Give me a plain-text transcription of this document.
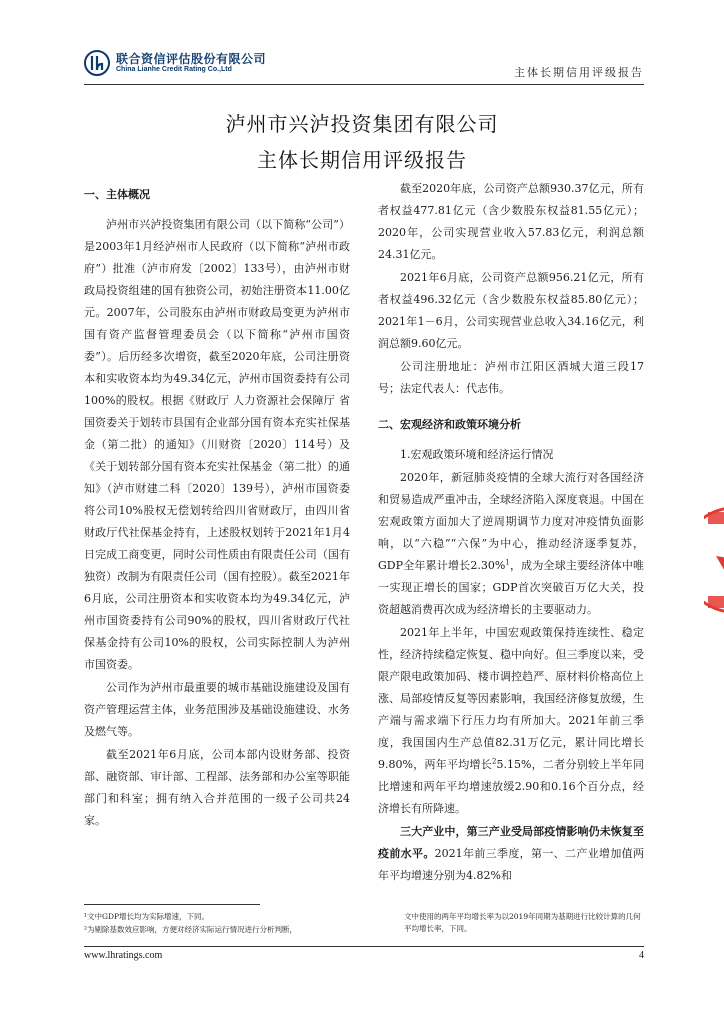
联合资信评估股份有限公司
China Lianhe Credit Rating Co.,Ltd	主体长期信用评级报告
泸州市兴泸投资集团有限公司
主体长期信用评级报告
一、主体概况

泸州市兴泸投资集团有限公司（以下简称“公司”）是2003年1月经泸州市人民政府（以下简称“泸州市政府”）批准（泸市府发〔2002〕133号），由泸州市财政局投资组建的国有独资公司，初始注册资本11.00亿元。2007年，公司股东由泸州市财政局变更为泸州市国有资产监督管理委员会（以下简称“泸州市国资委”）。后历经多次增资，截至2020年底，公司注册资本和实收资本均为49.34亿元，泸州市国资委持有公司100%的股权。根据《财政厅 人力资源社会保障厅 省国资委关于划转市县国有企业部分国有资本充实社保基金（第二批）的通知》（川财资〔2020〕114号）及《关于划转部分国有资本充实社保基金（第二批）的通知》（泸市财建二科〔2020〕139号），泸州市国资委将公司10%股权无偿划转给四川省财政厅，由四川省财政厅代社保基金持有，上述股权划转于2021年1月4日完成工商变更，同时公司性质由有限责任公司（国有独资）改制为有限责任公司（国有控股）。截至2021年6月底，公司注册资本和实收资本均为49.34亿元，泸州市国资委持有公司90%的股权，四川省财政厅代社保基金持有公司10%的股权，公司实际控制人为泸州市国资委。

公司作为泸州市最重要的城市基础设施建设及国有资产管理运营主体，业务范围涉及基础设施建设、水务及燃气等。

截至2021年6月底，公司本部内设财务部、投资部、融资部、审计部、工程部、法务部和办公室等职能部门和科室；拥有纳入合并范围的一级子公司共24家。

截至2020年底，公司资产总额930.37亿元，所有者权益477.81亿元（含少数股东权益81.55亿元）；2020年，公司实现营业收入57.83亿元，利润总额24.31亿元。

2021年6月底，公司资产总额956.21亿元，所有者权益496.32亿元（含少数股东权益85.80亿元）；2021年1－6月，公司实现营业总收入34.16亿元，利润总额9.60亿元。

公司注册地址：泸州市江阳区酒城大道三段17号；法定代表人：代志伟。

二、宏观经济和政策环境分析

1.宏观政策环境和经济运行情况

2020年，新冠肺炎疫情的全球大流行对各国经济和贸易造成严重冲击，全球经济陷入深度衰退。中国在宏观政策方面加大了逆周期调节力度对冲疫情负面影响，以“六稳”“六保”为中心，推动经济逐季复苏，GDP全年累计增长2.30%$^1$，成为全球主要经济体中唯一实现正增长的国家；GDP首次突破百万亿大关，投资超越消费再次成为经济增长的主要驱动力。

2021年上半年，中国宏观政策保持连续性、稳定性，经济持续稳定恢复、稳中向好。但三季度以来，受限产限电政策加码、楼市调控趋严、原材料价格高位上涨、局部疫情反复等因素影响，我国经济修复放缓，生产端与需求端下行压力均有所加大。2021年前三季度，我国国内生产总值82.31万亿元，累计同比增长9.80%，两年平均增长$^2$5.15%，二者分别较上半年同比增速和两年平均增速放缓2.90和0.16个百分点，经济增长有所降速。

三大产业中，第三产业受局部疫情影响仍未恢复至疫前水平。2021年前三季度，第一、二产业增加值两年平均增速分别为4.82%和

¹文中GDP增长均为实际增速，下同。
²为剔除基数效应影响，方便对经济实际运行情况进行分析判断，
文中使用的两年平均增长率为以2019年同期为基期进行比较计算的几何平均增长率，下同。
www.lhratings.com	4
